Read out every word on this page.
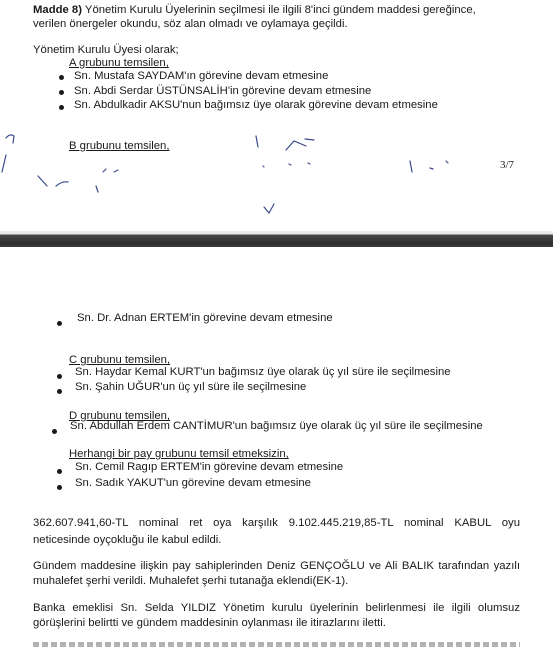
Madde 8) Yönetim Kurulu Üyelerinin seçilmesi ile ilgili 8'inci gündem maddesi gereğince,
verilen önergeler okundu, söz alan olmadı ve oylamaya geçildi.
Yönetim Kurulu Üyesi olarak;
A grubunu temsilen,
Sn. Mustafa SAYDAM'ın görevine devam etmesine
Sn. Abdi Serdar ÜSTÜNSALİH'in görevine devam etmesine
Sn. Abdulkadir AKSU'nun bağımsız üye olarak görevine devam etmesine
B grubunu temsilen,
3/7
Sn. Dr. Adnan ERTEM'in görevine devam etmesine
C grubunu temsilen,
Sn. Haydar Kemal KURT'un bağımsız üye olarak üç yıl süre ile seçilmesine
Sn. Şahin UĞUR'un üç yıl süre ile seçilmesine
D grubunu temsilen,
Sn. Abdullah Erdem CANTİMUR'un bağımsız üye olarak üç yıl süre ile seçilmesine
Herhangi bir pay grubunu temsil etmeksizin,
Sn. Cemil Ragıp ERTEM'in görevine devam etmesine
Sn. Sadık YAKUT'un görevine devam etmesine
362.607.941,60-TL nominal ret oya karşılık 9.102.445.219,85-TL nominal KABUL oyu
neticesinde oyçokluğu ile kabul edildi.
Gündem maddesine ilişkin pay sahiplerinden Deniz GENÇOĞLU ve Ali BALIK tarafından yazılı
muhalefet şerhi verildi. Muhalefet şerhi tutanağa eklendi(EK-1).
Banka emeklisi Sn. Selda YILDIZ Yönetim kurulu üyelerinin belirlenmesi ile ilgili olumsuz
görüşlerini belirtti ve gündem maddesinin oylanması ile itirazlarını iletti.
